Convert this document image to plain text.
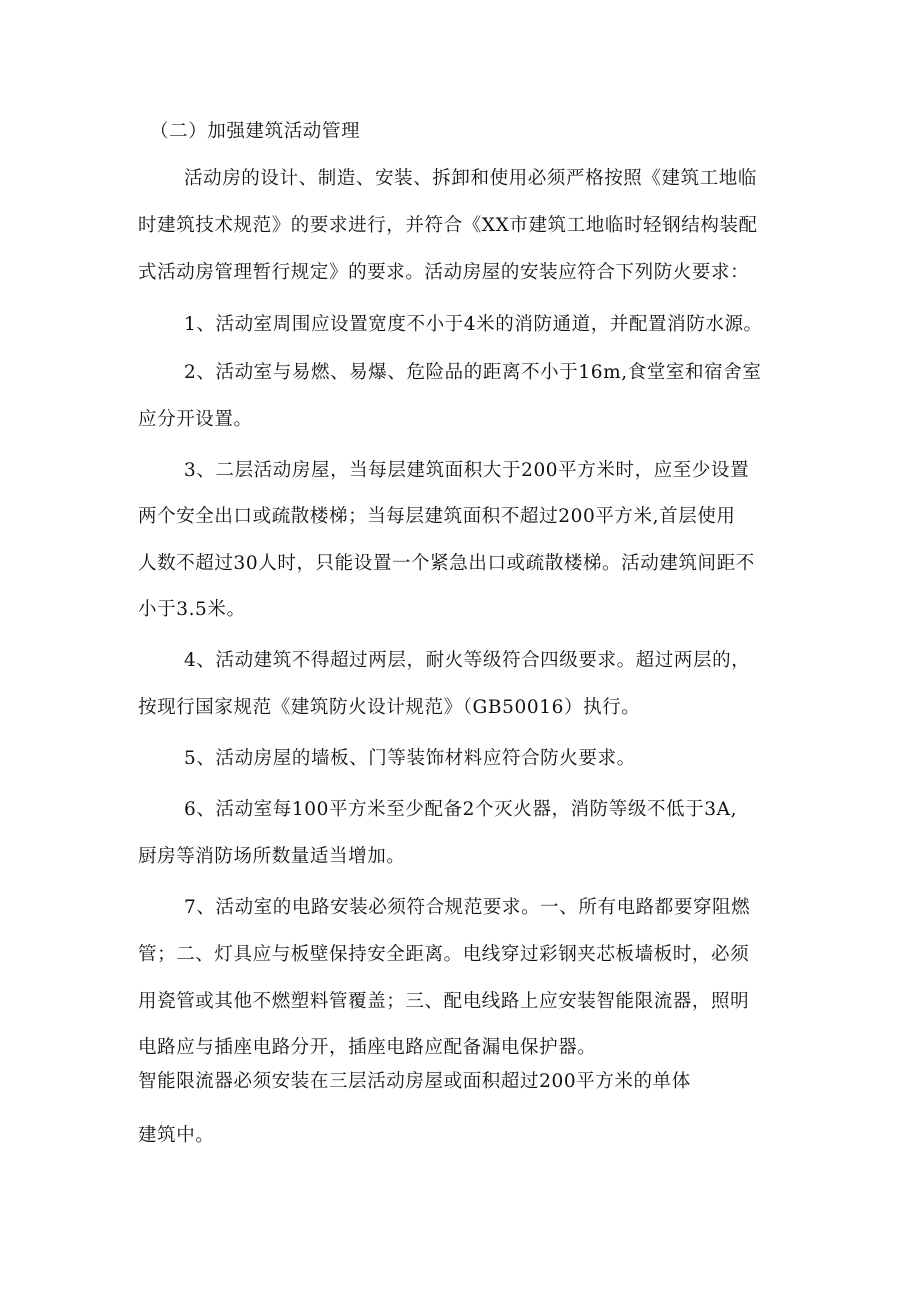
（二）加强建筑活动管理
活动房的设计、制造、安装、拆卸和使用必须严格按照《建筑工地临
时建筑技术规范》的要求进行，并符合《XX市建筑工地临时轻钢结构装配
式活动房管理暂行规定》的要求。活动房屋的安装应符合下列防火要求：
1、活动室周围应设置宽度不小于4米的消防通道，并配置消防水源。
2、活动室与易燃、易爆、危险品的距离不小于16m,食堂室和宿舍室
应分开设置。
3、二层活动房屋，当每层建筑面积大于200平方米时，应至少设置
两个安全出口或疏散楼梯；当每层建筑面积不超过200平方米,首层使用
人数不超过30人时，只能设置一个紧急出口或疏散楼梯。活动建筑间距不
小于3.5米。
4、活动建筑不得超过两层，耐火等级符合四级要求。超过两层的，
按现行国家规范《建筑防火设计规范》（GB50016）执行。
5、活动房屋的墙板、门等装饰材料应符合防火要求。
6、活动室每100平方米至少配备2个灭火器，消防等级不低于3A,
厨房等消防场所数量适当增加。
7、活动室的电路安装必须符合规范要求。一、所有电路都要穿阻燃
管；二、灯具应与板壁保持安全距离。电线穿过彩钢夹芯板墙板时，必须
用瓷管或其他不燃塑料管覆盖；三、配电线路上应安装智能限流器，照明
电路应与插座电路分开，插座电路应配备漏电保护器。
智能限流器必须安装在三层活动房屋或面积超过200平方米的单体
建筑中。
